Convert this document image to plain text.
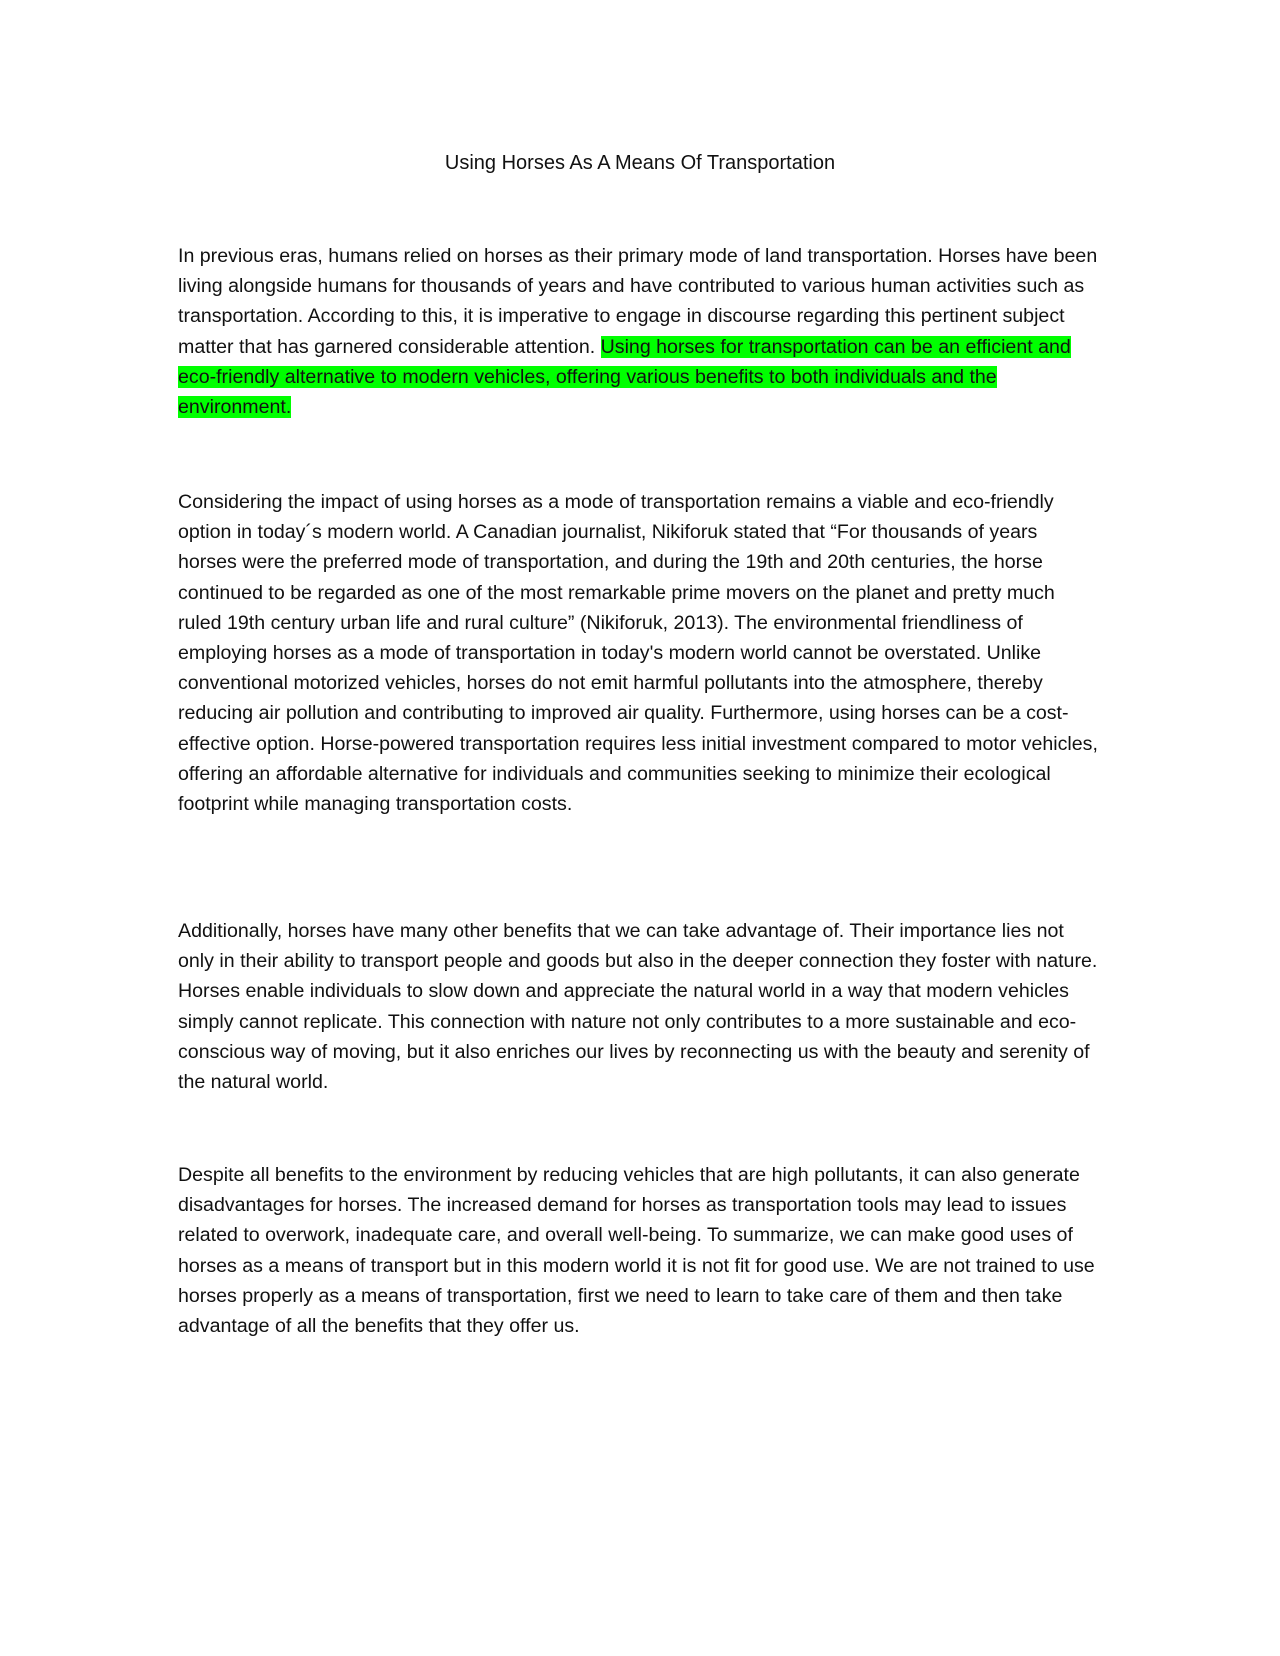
Using Horses As A Means Of Transportation

In previous eras, humans relied on horses as their primary mode of land transportation. Horses have been living alongside humans for thousands of years and have contributed to various human activities such as transportation. According to this, it is imperative to engage in discourse regarding this pertinent subject matter that has garnered considerable attention. Using horses for transportation can be an efficient and eco-friendly alternative to modern vehicles, offering various benefits to both individuals and the environment.

Considering the impact of using horses as a mode of transportation remains a viable and eco-friendly option in today´s modern world. A Canadian journalist, Nikiforuk stated that “For thousands of years horses were the preferred mode of transportation, and during the 19th and 20th centuries, the horse continued to be regarded as one of the most remarkable prime movers on the planet and pretty much ruled 19th century urban life and rural culture” (Nikiforuk, 2013). The environmental friendliness of employing horses as a mode of transportation in today's modern world cannot be overstated. Unlike conventional motorized vehicles, horses do not emit harmful pollutants into the atmosphere, thereby reducing air pollution and contributing to improved air quality. Furthermore, using horses can be a cost-effective option. Horse-powered transportation requires less initial investment compared to motor vehicles, offering an affordable alternative for individuals and communities seeking to minimize their ecological footprint while managing transportation costs.

Additionally, horses have many other benefits that we can take advantage of. Their importance lies not only in their ability to transport people and goods but also in the deeper connection they foster with nature. Horses enable individuals to slow down and appreciate the natural world in a way that modern vehicles simply cannot replicate. This connection with nature not only contributes to a more sustainable and eco-conscious way of moving, but it also enriches our lives by reconnecting us with the beauty and serenity of the natural world.

Despite all benefits to the environment by reducing vehicles that are high pollutants, it can also generate disadvantages for horses. The increased demand for horses as transportation tools may lead to issues related to overwork, inadequate care, and overall well-being. To summarize, we can make good uses of horses as a means of transport but in this modern world it is not fit for good use. We are not trained to use horses properly as a means of transportation, first we need to learn to take care of them and then take advantage of all the benefits that they offer us.
